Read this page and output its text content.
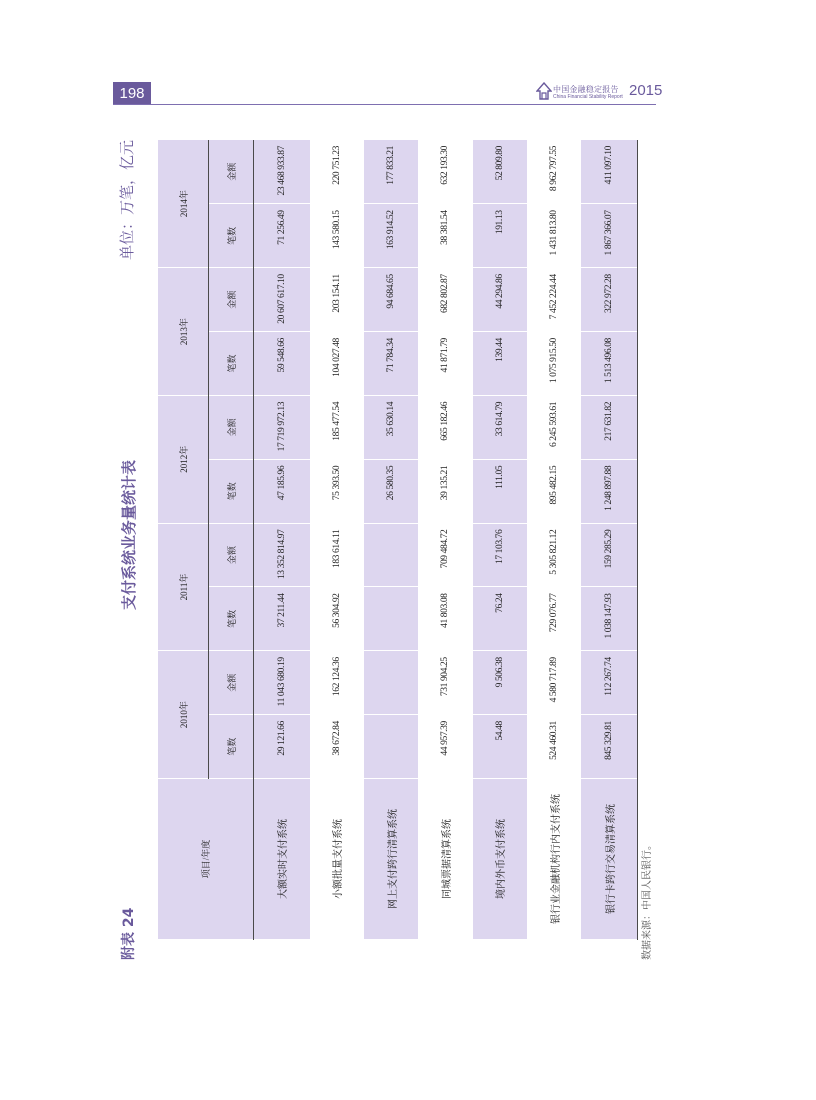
198	中国金融稳定报告
China Financial Stability Report 2015
附表 24
支付系统业务量统计表
单位：万笔，亿元
项目/年度	2010年		2011年		2012年		2013年		2014年	
	笔数	金额	笔数	金额	笔数	金额	笔数	金额	笔数	金额
大额实时支付系统	29 121.66	11 043 680.19	37 211.44	13 352 814.97	47 185.96	17 719 972.13	59 548.66	20 607 617.10	71 256.49	23 468 933.87
小额批量支付系统	38 672.84	162 124.36	56 304.92	183 614.11	75 393.50	185 477.54	104 027.48	203 154.11	143 580.15	220 751.23
网上支付跨行清算系统					26 580.35	35 630.14	71 784.34	94 684.65	163 914.52	177 833.21
同城票据清算系统	44 957.39	731 904.25	41 803.08	709 484.72	39 135.21	665 182.46	41 871.79	682 802.87	38 381.54	632 193.30
境内外币支付系统	54.48	9 506.38	76.24	17 103.76	111.05	33 614.79	139.44	44 294.86	191.13	52 809.80
银行业金融机构行内支付系统	524 460.31	4 580 717.89	729 076.77	5 305 821.12	895 482.15	6 245 593.61	1 075 915.50	7 452 224.44	1 431 813.80	8 962 797.55
银行卡跨行交易清算系统	845 329.81	112 267.74	1 038 147.93	159 285.29	1 248 897.88	217 631.82	1 513 496.08	322 972.28	1 867 366.07	411 097.10
数据来源：中国人民银行。
